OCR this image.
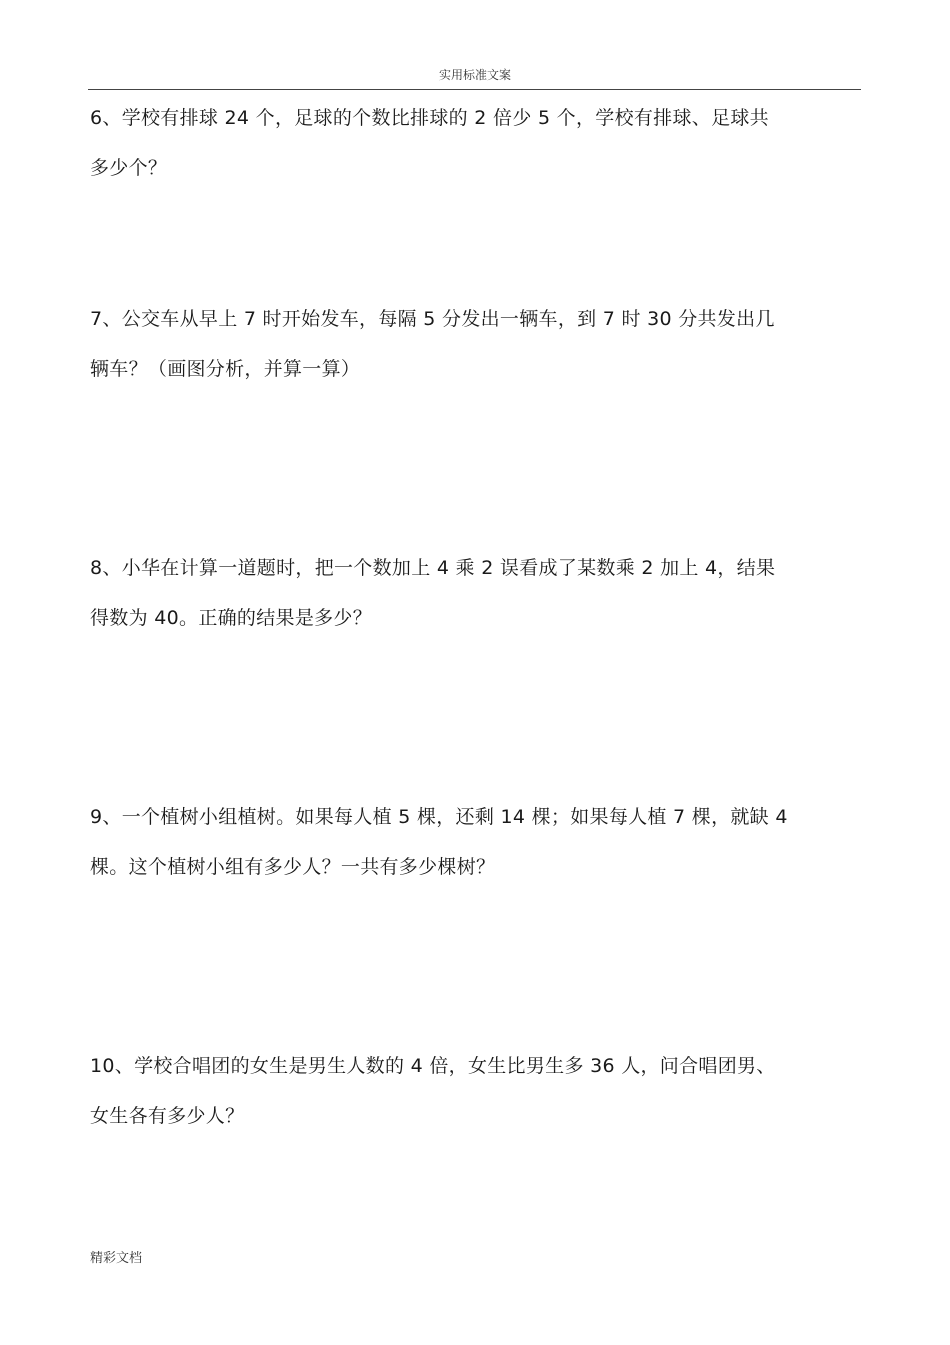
实用标准文案
6、学校有排球 24 个，足球的个数比排球的 2 倍少 5 个，学校有排球、足球共
多少个？
7、公交车从早上 7 时开始发车，每隔 5 分发出一辆车，到 7 时 30 分共发出几
辆车？（画图分析，并算一算）
8、小华在计算一道题时，把一个数加上 4 乘 2 误看成了某数乘 2 加上 4，结果
得数为 40。正确的结果是多少？
9、一个植树小组植树。如果每人植 5 棵，还剩 14 棵；如果每人植 7 棵，就缺 4
棵。这个植树小组有多少人？一共有多少棵树？
10、学校合唱团的女生是男生人数的 4 倍，女生比男生多 36 人，问合唱团男、
女生各有多少人？
精彩文档
